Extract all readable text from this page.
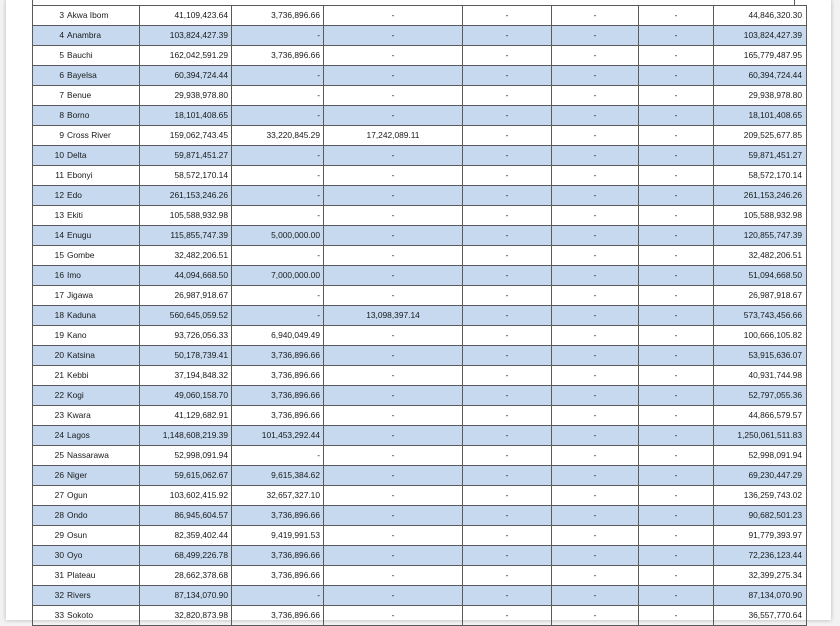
3	Akwa Ibom	41,109,423.64	3,736,896.66	-	-	-	-	44,846,320.30
4	Anambra	103,824,427.39	-	-	-	-	-	103,824,427.39
5	Bauchi	162,042,591.29	3,736,896.66	-	-	-	-	165,779,487.95
6	Bayelsa	60,394,724.44	-	-	-	-	-	60,394,724.44
7	Benue	29,938,978.80	-	-	-	-	-	29,938,978.80
8	Borno	18,101,408.65	-	-	-	-	-	18,101,408.65
9	Cross River	159,062,743.45	33,220,845.29	17,242,089.11	-	-	-	209,525,677.85
10	Delta	59,871,451.27	-	-	-	-	-	59,871,451.27
11	Ebonyi	58,572,170.14	-	-	-	-	-	58,572,170.14
12	Edo	261,153,246.26	-	-	-	-	-	261,153,246.26
13	Ekiti	105,588,932.98	-	-	-	-	-	105,588,932.98
14	Enugu	115,855,747.39	5,000,000.00	-	-	-	-	120,855,747.39
15	Gombe	32,482,206.51	-	-	-	-	-	32,482,206.51
16	Imo	44,094,668.50	7,000,000.00	-	-	-	-	51,094,668.50
17	Jigawa	26,987,918.67	-	-	-	-	-	26,987,918.67
18	Kaduna	560,645,059.52	-	13,098,397.14	-	-	-	573,743,456.66
19	Kano	93,726,056.33	6,940,049.49	-	-	-	-	100,666,105.82
20	Katsina	50,178,739.41	3,736,896.66	-	-	-	-	53,915,636.07
21	Kebbi	37,194,848.32	3,736,896.66	-	-	-	-	40,931,744.98
22	Kogi	49,060,158.70	3,736,896.66	-	-	-	-	52,797,055.36
23	Kwara	41,129,682.91	3,736,896.66	-	-	-	-	44,866,579.57
24	Lagos	1,148,608,219.39	101,453,292.44	-	-	-	-	1,250,061,511.83
25	Nassarawa	52,998,091.94	-	-	-	-	-	52,998,091.94
26	Niger	59,615,062.67	9,615,384.62	-	-	-	-	69,230,447.29
27	Ogun	103,602,415.92	32,657,327.10	-	-	-	-	136,259,743.02
28	Ondo	86,945,604.57	3,736,896.66	-	-	-	-	90,682,501.23
29	Osun	82,359,402.44	9,419,991.53	-	-	-	-	91,779,393.97
30	Oyo	68,499,226.78	3,736,896.66	-	-	-	-	72,236,123.44
31	Plateau	28,662,378.68	3,736,896.66	-	-	-	-	32,399,275.34
32	Rivers	87,134,070.90	-	-	-	-	-	87,134,070.90
33	Sokoto	32,820,873.98	3,736,896.66	-	-	-	-	36,557,770.64
